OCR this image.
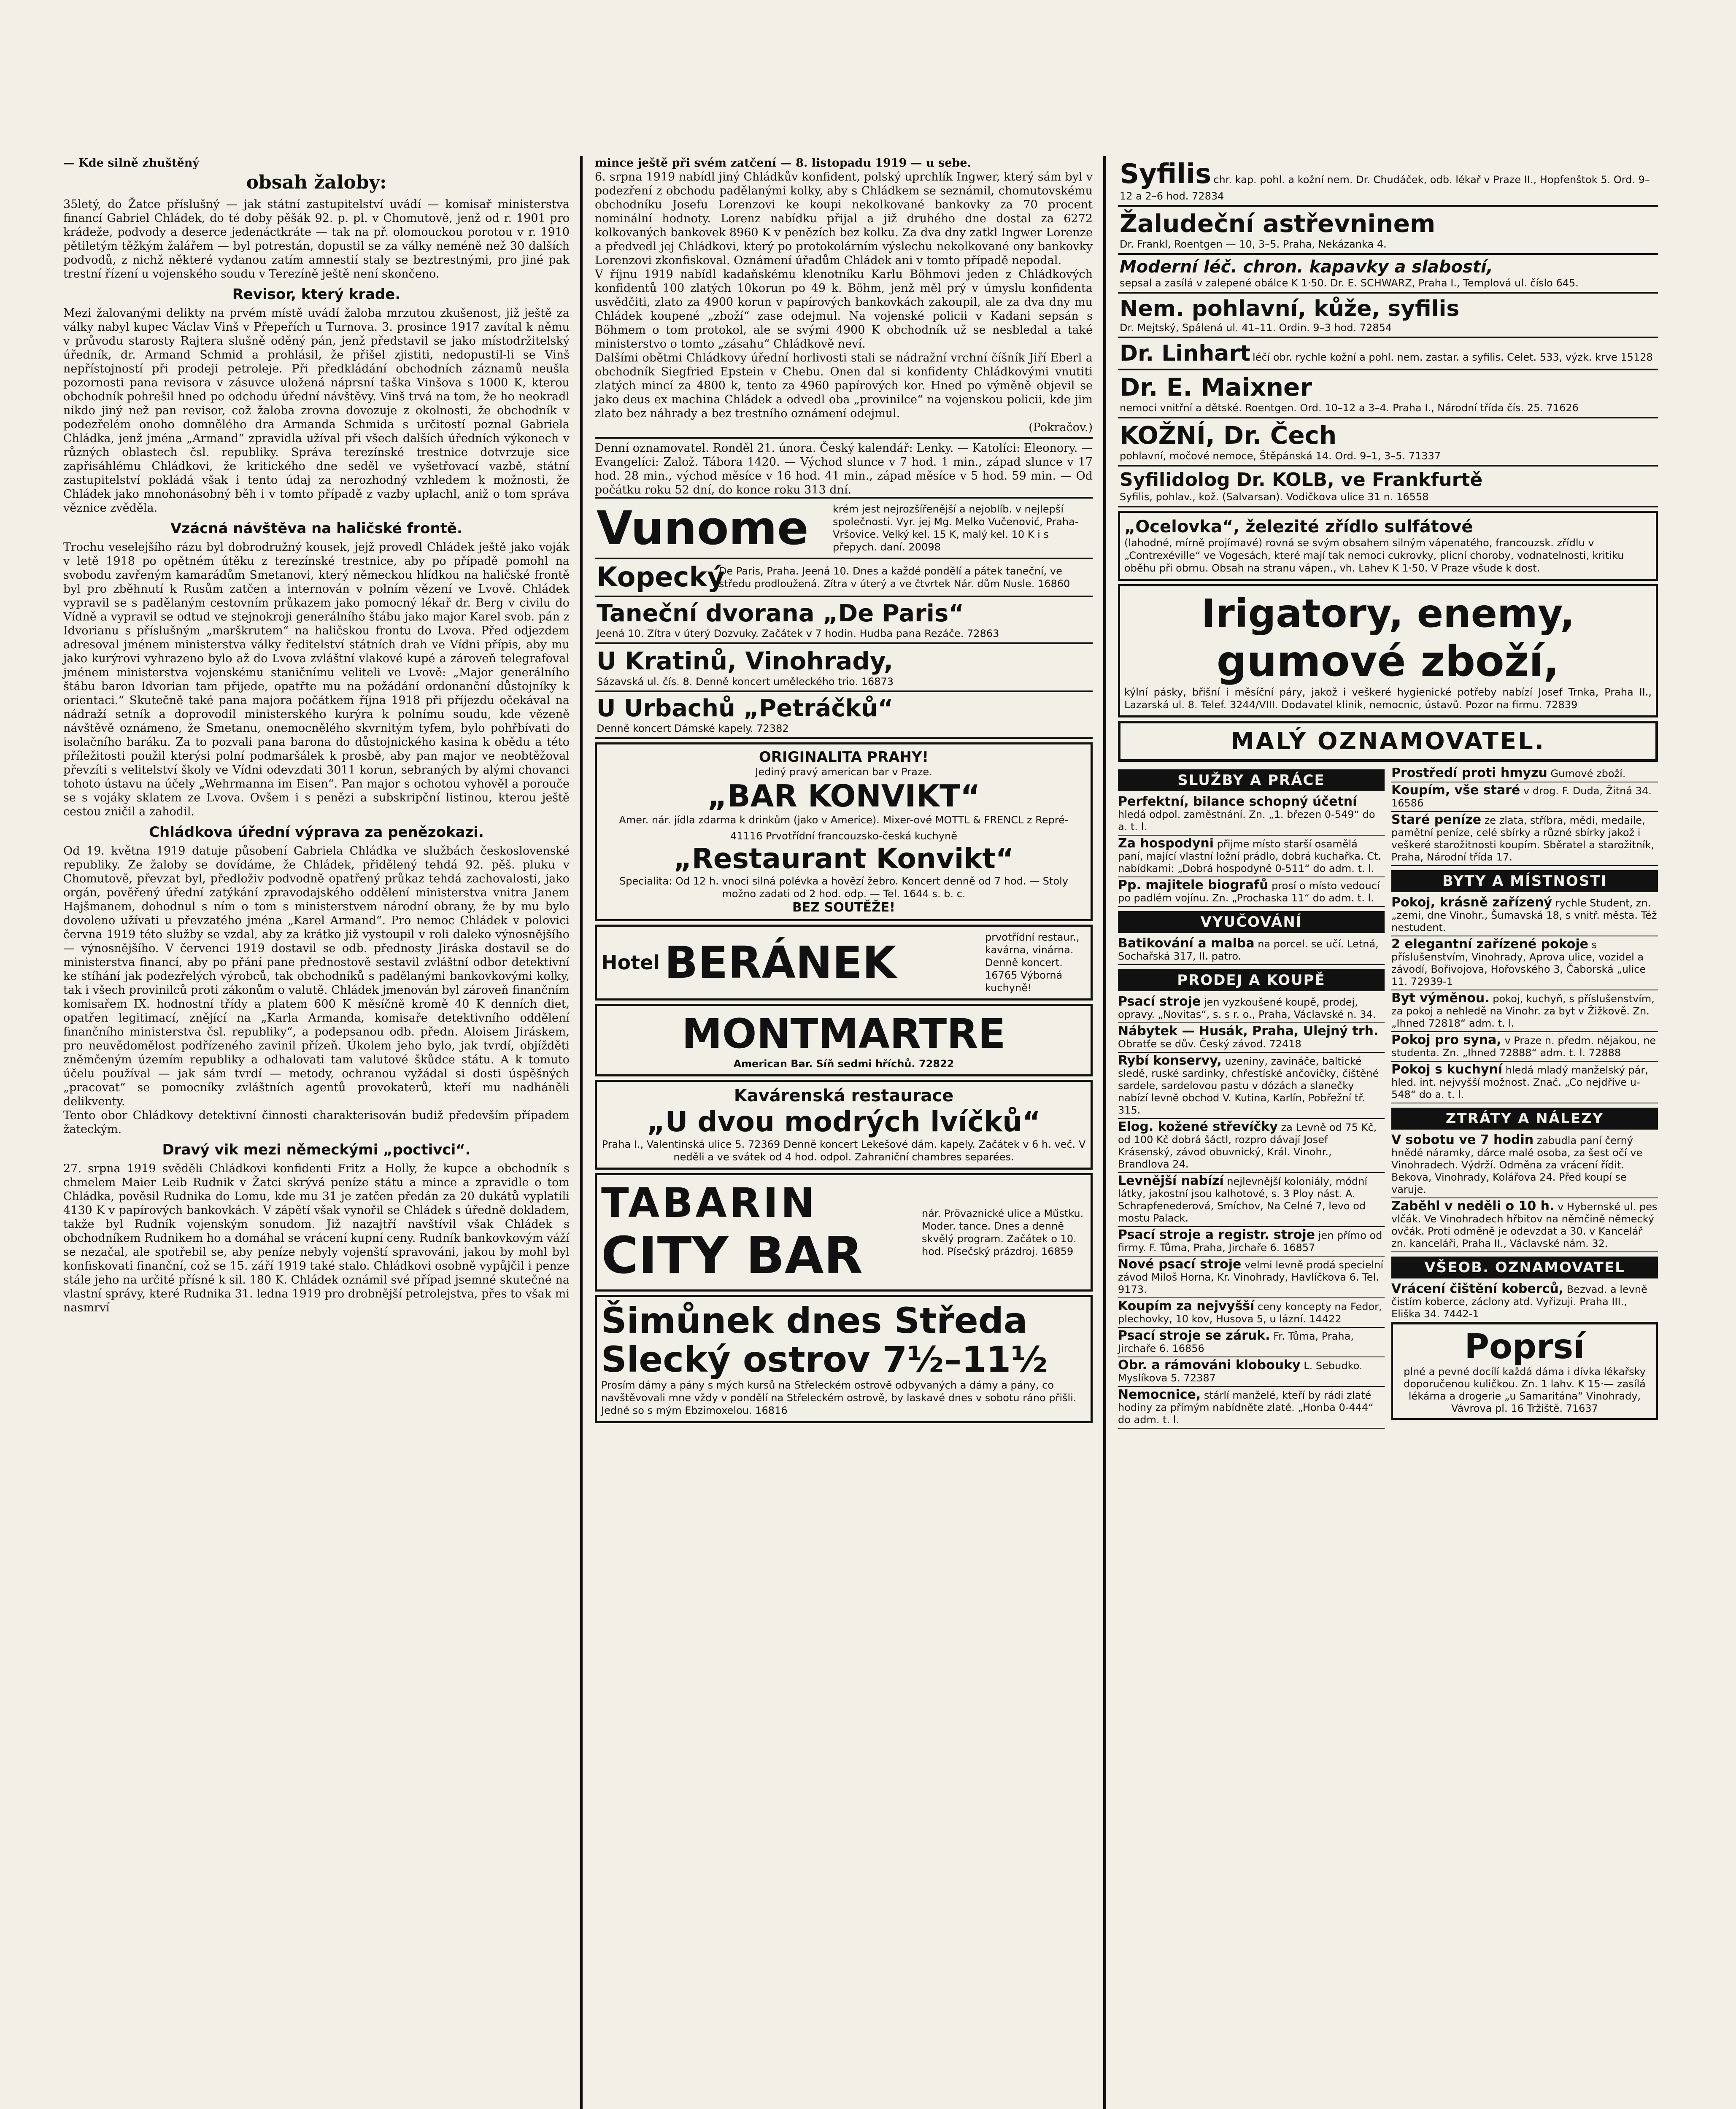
— Kde silně zhuštěný

obsah žaloby:

35letý, do Žatce příslušný — jak státní zastupitelství uvádí — komisař ministerstva financí Gabriel Chládek, do té doby pěšák 92. p. pl. v Chomutově, jenž od r. 1901 pro krádeže, podvody a deserce jedenáctkráte — tak na př. olomouckou porotou v r. 1910 pětiletým těžkým žalářem — byl potrestán, dopustil se za války neméně než 30 dalších podvodů, z nichž některé vydanou zatím amnestií staly se beztrestnými, pro jiné pak trestní řízení u vojenského soudu v Terezíně ještě není skončeno.

Revisor, který krade.

Mezi žalovanými delikty na prvém místě uvádí žaloba mrzutou zkušenost, již ještě za války nabyl kupec Václav Vinš v Přepeřích u Turnova. 3. prosince 1917 zavítal k němu v průvodu starosty Rajtera slušně oděný pán, jenž představil se jako místodržitelský úředník, dr. Armand Schmid a prohlásil, že přišel zjistiti, nedopustil-li se Vinš nepřístojností při prodeji petroleje. Při předkládání obchodních záznamů neušla pozornosti pana revisora v zásuvce uložená náprsní taška Vinšova s 1000 K, kterou obchodník pohrešil hned po odchodu úřední návštěvy. Vinš trvá na tom, že ho neokradl nikdo jiný než pan revisor, což žaloba zrovna dovozuje z okolnosti, že obchodník v podezřelém onoho domnělého dra Armanda Schmida s určitostí poznal Gabriela Chládka, jenž jména „Armand“ zpravidla užíval při všech dalších úředních výkonech v různých oblastech čsl. republiky. Správa terezínské trestnice dotvrzuje sice zapřisáhlému Chládkovi, že kritického dne seděl ve vyšetřovací vazbě, státní zastupitelství pokládá však i tento údaj za nerozhodný vzhledem k možnosti, že Chládek jako mnohonásobný běh i v tomto případě z vazby uplachl, aniž o tom správa věznice zvěděla.

Vzácná návštěva na haličské frontě.

Trochu veselejšího rázu byl dobrodružný kousek, jejž provedl Chládek ještě jako voják v letě 1918 po opětném útěku z terezínské trestnice, aby po případě pomohl na svobodu zavřeným kamarádům Smetanovi, který německou hlídkou na haličské frontě byl pro zběhnutí k Rusům zatčen a internován v polním vězení ve Lvově. Chládek vypravil se s padělaným cestovním průkazem jako pomocný lékař dr. Berg v civilu do Vídně a vypravil se odtud ve stejnokroji generálního štábu jako major Karel svob. pán z Idvorianu s příslušným „marškrutem“ na haličskou frontu do Lvova. Před odjezdem adresoval jménem ministerstva války ředitelství státních drah ve Vídni přípis, aby mu jako kurýrovi vyhrazeno bylo až do Lvova zvláštní vlakové kupé a zároveň telegrafoval jménem ministerstva vojenskému staničnímu veliteli ve Lvově: „Major generálního štábu baron Idvorian tam přijede, opatřte mu na požádání ordonanční důstojníky k orientaci.“ Skutečně také pana majora počátkem října 1918 při příjezdu očekával na nádraží setník a doprovodil ministerského kurýra k polnímu soudu, kde vězeně návštěvě oznámeno, že Smetanu, onemocnělého skvrnitým tyfem, bylo pohřbívati do isolačního baráku. Za to pozvali pana barona do důstojnického kasina k obědu a této příležitosti použil kterýsi polní podmaršálek k prosbě, aby pan major ve neobtěžoval převzíti s velitelství školy ve Vídni odevzdati 3011 korun, sebraných by alými chovanci tohoto ústavu na účely „Wehrmanna im Eisen“. Pan major s ochotou vyhověl a porouče se s vojáky sklatem ze Lvova. Ovšem i s penězi a subskripční listinou, kterou ještě cestou zničil a zahodil.

Chládkova úřední výprava za penězokazi.

Od 19. května 1919 datuje působení Gabriela Chládka ve službách československé republiky. Ze žaloby se dovídáme, že Chládek, přidělený tehdá 92. pěš. pluku v Chomutově, převzat byl, předloživ podvodně opatřený průkaz tehdá zachovalosti, jako orgán, pověřený úřední zatýkání zpravodajského oddělení ministerstva vnitra Janem Hajšmanem, dohodnul s ním o tom s ministerstvem národní obrany, že by mu bylo dovoleno užívati u převzatého jména „Karel Armand“. Pro nemoc Chládek v polovici června 1919 této služby se vzdal, aby za krátko již vystoupil v roli daleko výnosnějšího — výnosnějšího. V červenci 1919 dostavil se odb. přednosty Jiráska dostavil se do ministerstva financí, aby po přání pane přednostově sestavil zvláštní odbor detektivní ke stíhání jak podezřelých výrobců, tak obchodníků s padělanými bankovkovými kolky, tak i všech provinilců proti zákonům o valutě. Chládek jmenován byl zároveň finančním komisařem IX. hodnostní třídy a platem 600 K měsíčně kromě 40 K denních diet, opatřen legitimací, znějící na „Karla Armanda, komisaře detektivního oddělení finančního ministerstva čsl. republiky“, a podepsanou odb. předn. Aloisem Jiráskem, pro neuvědomělost podřízeného zavinil přízeň. Úkolem jeho bylo, jak tvrdí, objížděti zněmčeným územím republiky a odhalovati tam valutové škůdce státu. A k tomuto účelu používal — jak sám tvrdí — metody, ochranou vyžádal si dosti úspěšných „pracovat“ se pomocníky zvláštních agentů provokaterů, kteří mu nadháněli delikventy.

Tento obor Chládkovy detektivní činnosti charakterisován budiž především případem žateckým.

Dravý vik mezi německými „poctivci“.

27. srpna 1919 svěděli Chládkovi konfidenti Fritz a Holly, že kupce a obchodník s chmelem Maier Leib Rudnik v Žatci skrývá peníze státu a mince a zpravidle o tom Chládka, pověsil Rudnika do Lomu, kde mu 31 je zatčen předán za 20 dukátů vyplatili 4130 K v papírových bankovkách. V zápětí však vynořil se Chládek s úředně dokladem, takže byl Rudník vojenským sonudom. Již nazajtří navštívil však Chládek s obchodníkem Rudnikem ho a domáhal se vrácení kupní ceny. Rudník bankovkovým váží se nezačal, ale spotřebil se, aby peníze nebyly vojenští spravováni, jakou by mohl byl konfiskovati finanční, což se 15. září 1919 také stalo. Chládkovi osobně vypůjčil i penze stále jeho na určité přísné k sil. 180 K. Chládek oznámil své případ jsemné skutečné na vlastní správy, které Rudnika 31. ledna 1919 pro drobnější petrolejstva, přes to však mi nasmrví

mince ještě při svém zatčení — 8. listopadu 1919 — u sebe.

6. srpna 1919 nabídl jiný Chládkův konfident, polský uprchlík Ingwer, který sám byl v podezření z obchodu padělanými kolky, aby s Chládkem se seznámil, chomutovskému obchodníku Josefu Lorenzovi ke koupi nekolkované bankovky za 70 procent nominální hodnoty. Lorenz nabídku přijal a již druhého dne dostal za 6272 kolkovaných bankovek 8960 K v penězích bez kolku. Za dva dny zatkl Ingwer Lorenze a předvedl jej Chládkovi, který po protokolárním výslechu nekolkované ony bankovky Lorenzovi zkonfiskoval. Oznámení úřadům Chládek ani v tomto případě nepodal.

V říjnu 1919 nabídl kadaňskému klenotníku Karlu Böhmovi jeden z Chládkových konfidentů 100 zlatých 10korun po 49 k. Böhm, jenž měl prý v úmyslu konfidenta usvědčiti, zlato za 4900 korun v papírových bankovkách zakoupil, ale za dva dny mu Chládek koupené „zboží“ zase odejmul. Na vojenské policii v Kadani sepsán s Böhmem o tom protokol, ale se svými 4900 K obchodník už se nesbledal a také ministerstvo o tomto „zásahu“ Chládkově neví.

Dalšími obětmi Chládkovy úřední horlivosti stali se nádražní vrchní číšník Jiří Eberl a obchodník Siegfried Epstein v Chebu. Onen dal si konfidenty Chládkovými vnutiti zlatých mincí za 4800 k, tento za 4960 papírových kor. Hned po výměně objevil se jako deus ex machina Chládek a odvedl oba „provinilce“ na vojenskou policii, kde jim zlato bez náhrady a bez trestního oznámení odejmul.

(Pokračov.)

Denní oznamovatel. Ronděl 21. února. Český kalendář: Lenky. — Katolíci: Eleonory. — Evangelíci: Založ. Tábora 1420. — Východ slunce v 7 hod. 1 min., západ slunce v 17 hod. 28 min., východ měsíce v 16 hod. 41 min., západ měsíce v 5 hod. 59 min. — Od počátku roku 52 dní, do konce roku 313 dní.

Vunome	krém jest nejrozšířenější a nejoblíb. v nejlepší společnosti. Vyr. jej Mg. Melko Vučenović, Praha-Vršovice. Velký kel. 15 K, malý kel. 10 K i s přepych. daní. 20098
Kopecký
De Paris, Praha. Jeená 10. Dnes a každé pondělí a pátek taneční, ve středu prodloužená. Zítra v úterý a ve čtvrtek Nár. dům Nusle. 16860
Taneční dvorana „De Paris“
Jeená 10. Zítra v úterý Dozvuky. Začátek v 7 hodin. Hudba pana Rezáče. 72863
U Kratinů, Vinohrady,
Sázavská ul. čís. 8. Denně koncert uměleckého trio. 16873
U Urbachů „Petráčků“
Denně koncert Dámské kapely. 72382
ORIGINALITA PRAHY!
Jediný pravý american bar v Praze.
„BAR KONVIKT“
Amer. nár. jídla zdarma k drinkům (jako v Americe). Mixer-ové MOTTL & FRENCL z Repré-
41116 Prvotřídní francouzsko-česká kuchyně
„Restaurant Konvikt“
Specialita: Od 12 h. vnoci silná polévka a hovězí žebro. Koncert denně od 7 hod. — Stoly možno zadati od 2 hod. odp. — Tel. 1644 s. b. c.
BEZ SOUTĚŽE!
Hotel BERÁNEK	prvotřídní restaur., kavárna, vinárna. Denně koncert. 16765 Výborná kuchyně!
MONTMARTRE
American Bar. Síň sedmi hříchů. 72822
Kavárenská restaurace
„U dvou modrých lvíčků“
Praha I., Valentinská ulice 5. 72369 Denně koncert Lekešové dám. kapely. Začátek v 6 h. več. V neděli a ve svátek od 4 hod. odpol. Zahraniční chambres separées.
TABARIN
CITY BAR
nár. Prövaznické ulice a Műstku. Moder. tance. Dnes a denně skvělý program. Začátek o 10. hod. Písečský prázdroj. 16859
Šimůnek dnes Středa
Slecký ostrov 7½–11½
Prosím dámy a pány s mých kursů na Střeleckém ostrově odbyvaných a dámy a pány, co navštěvovali mne vždy v pondělí na Střeleckém ostrově, by laskavé dnes v sobotu ráno přišli. Jedné so s mým Ebzimoxelou. 16816
Syfilis chr. kap. pohl. a kožní nem. Dr. Chudáček, odb. lékař v Praze II., Hopfenštok 5. Ord. 9–12 a 2–6 hod. 72834
Žaludeční astřevninem
Dr. Frankl, Roentgen — 10, 3–5. Praha, Nekázanka 4.
Moderní léč. chron. kapavky a slabostí,
sepsal a zasílá v zalepené obálce K 1·50. Dr. E. SCHWARZ, Praha I., Templová ul. číslo 645.
Nem. pohlavní, kůže, syfilis
Dr. Mejtský, Spálená ul. 41–11. Ordin. 9–3 hod. 72854
Dr. Linhart léčí obr. rychle kožní a pohl. nem. zastar. a syfilis. Celet. 533, výzk. krve 15128
Dr. E. Maixner
nemoci vnitřní a dětské. Roentgen. Ord. 10–12 a 3–4. Praha I., Národní třída čís. 25. 71626
KOŽNÍ, Dr. Čech
pohlavní, močové nemoce, Štěpánská 14. Ord. 9–1, 3–5. 71337
Syfilidolog Dr. KOLB, ve Frankfurtě
Syfilis, pohlav., kož. (Salvarsan). Vodičkova ulice 31 n. 16558
„Ocelovka“, železité zřídlo sulfátové
(lahodné, mírně projímavé) rovná se svým obsahem silným vápenatého, francouzsk. zřídlu v „Contrexéville“ ve Vogesách, které mají tak nemoci cukrovky, plicní choroby, vodnatelnosti, kritiku oběhu při obrnu. Obsah na stranu vápen., vh. Lahev K 1·50. V Praze všude k dost.
Irigatory, enemy,
gumové zboží,
kýlní pásky, břišní i měsíční páry, jakož i veškeré hygienické potřeby nabízí Josef Trnka, Praha II., Lazarská ul. 8. Telef. 3244/VIII. Dodavatel klinik, nemocnic, ústavů. Pozor na firmu. 72839
MALÝ OZNAMOVATEL.
SLUŽBY A PRÁCE
Perfektní, bilance schopný účetní hledá odpol. zaměstnání. Zn. „1. březen 0-549“ do a. t. l.
Za hospodyni přijme místo starší osamělá paní, mající vlastní ložní prádlo, dobrá kuchařka. Ct. nabídkami: „Dobrá hospodyně 0-511“ do adm. t. l.
Pp. majitele biografů prosí o místo vedoucí po padlém vojínu. Zn. „Prochaska 11“ do adm. t. l.
VYUČOVÁNÍ
Batikování a malba na porcel. se učí. Letná, Sochařská 317, II. patro.
PRODEJ A KOUPĚ
Psací stroje jen vyzkoušené koupě, prodej, opravy. „Novitas“, s. s r. o., Praha, Václavské n. 34.
Nábytek — Husák, Praha, Ulejný trh. Obratťe se dův. Český závod. 72418
Rybí konservy, uzeniny, zavináče, baltické sledě, ruské sardinky, chřestíské ančovičky, čištěné sardele, sardelovou pastu v dózách a slanečky nabízí levně obchod V. Kutina, Karlín, Pobřežní tř. 315.
Elog. kožené střevíčky za Levně od 75 Kč, od 100 Kč dobrá šáctl, rozpro dávají Josef Krásenský, závod obuvnický, Král. Vinohr., Brandlova 24.
Levnější nabízí nejlevnější koloniály, módní látky, jakostní jsou kalhotové, s. 3 Ploy nást. A. Schrapfenederová, Smíchov, Na Celné 7, levo od mostu Palack.
Psací stroje a registr. stroje jen přímo od firmy. F. Tůma, Praha, Jirchaře 6. 16857
Nové psací stroje velmi levně prodá specielní závod Miloš Horna, Kr. Vinohrady, Havlíčkova 6. Tel. 9173.
Koupím za nejvyšší ceny koncepty na Fedor, plechovky, 10 kov, Husova 5, u lázní. 14422
Psací stroje se záruk. Fr. Tůma, Praha, Jirchaře 6. 16856
Obr. a rámováni klobouky L. Sebudko. Myslíkova 5. 72387
Nemocnice, stárlí manželé, kteří by rádi zlaté hodiny za přímým nabídněte zlaté. „Honba 0-444“ do adm. t. l.
Prostředí proti hmyzu Gumové zboží.
Koupím, vše staré v drog. F. Duda, Žitná 34. 16586
Staré peníze ze zlata, stříbra, mědi, medaile, pamětní peníze, celé sbírky a různé sbírky jakož i veškeré starožitnosti koupím. Sběratel a starožitník, Praha, Národní třída 17.
BYTY A MÍSTNOSTI
Pokoj, krásně zařízený rychle Student, zn. „zemi, dne Vinohr., Šumavská 18, s vnitř. města. Též nestudent.
2 elegantní zařízené pokoje s příslušenstvím, Vinohrady, Aprova ulice, vozidel a závodí, Bořivojova, Hořovského 3, Čaborská „ulice 11. 72939-1
Byt výměnou. pokoj, kuchyň, s příslušenstvím, za pokoj a nehledě na Vinohr. za byt v Žižkově. Zn. „Ihned 72818“ adm. t. l.
Pokoj pro syna, v Praze n. předm. nějakou, ne studenta. Zn. „Ihned 72888“ adm. t. l. 72888
Pokoj s kuchyní hledá mladý manželský pár, hled. int. nejvyšší možnost. Znač. „Co nejdříve u-548“ do a. t. l.
ZTRÁTY A NÁLEZY
V sobotu ve 7 hodin zabudla paní černý hnědé náramky, dárce malé osoba, za šest očí ve Vinohradech. Výdrží. Odměna za vrácení řídit. Bekova, Vinohrady, Kolářova 24. Před koupí se varuje.
Zaběhl v neděli o 10 h. v Hybernské ul. pes vlčák. Ve Vinohradech hřbitov na němčině německý ovčák. Proti odměně je odevzdat a 30. v Kancelář zn. kanceláři, Praha II., Václavské nám. 32.
VŠEOB. OZNAMOVATEL
Vrácení čištění koberců, Bezvad. a levně čistím koberce, záclony atd. Vyřizuji. Praha III., Eliška 34. 7442-1
Poprsí
plné a pevné docílí každá dáma i dívka lékařsky doporučenou kuličkou. Zn. 1 lahv. K 15·— zasílá lékárna a drogerie „u Samaritána“ Vinohrady, Vávrova pl. 16 Tržiště. 71637
